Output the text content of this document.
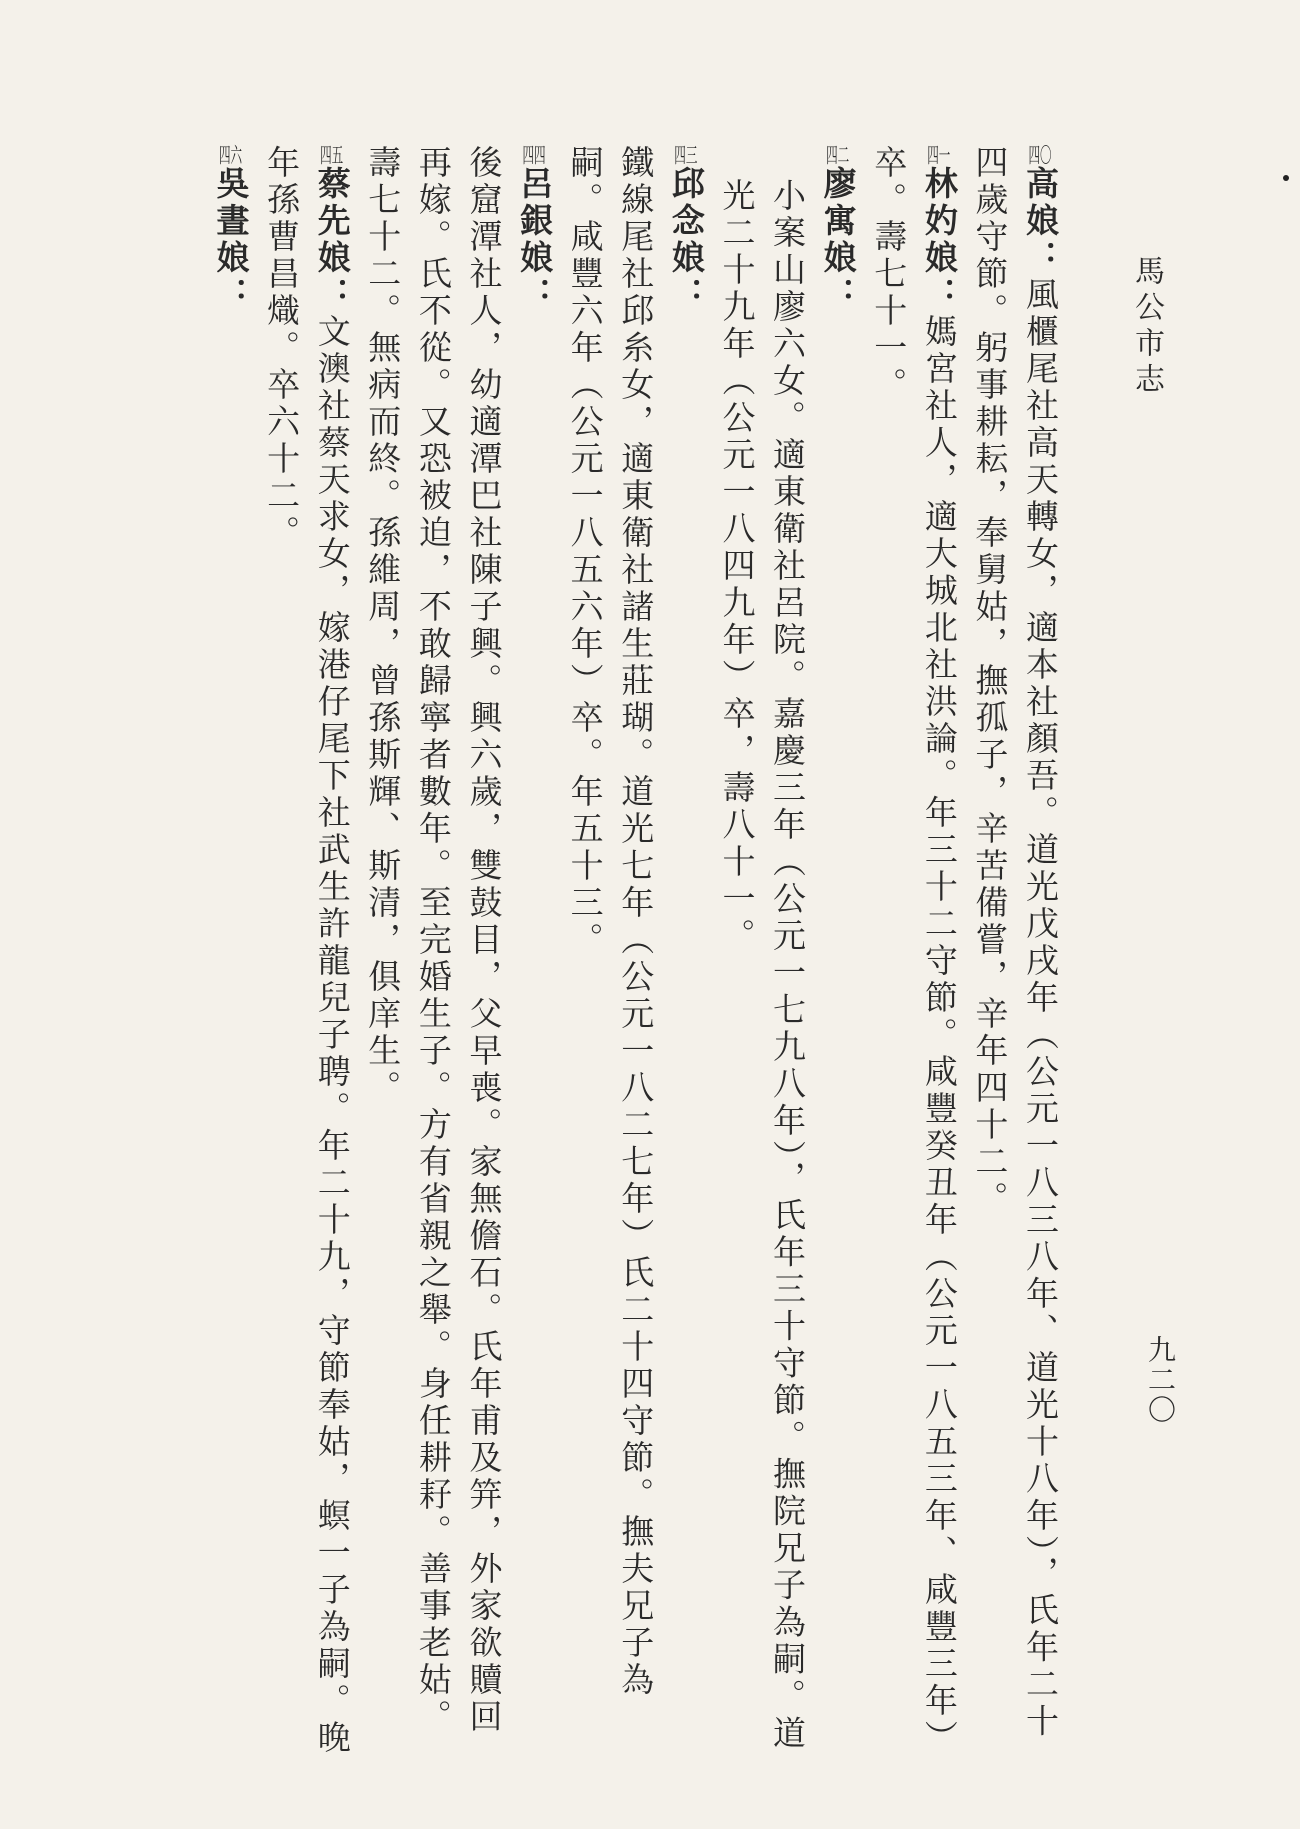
馬公市志
九二〇
四〇高娘：風櫃尾社高天轉女，適本社顏吾。道光戊戌年（公元一八三八年、道光十八年），氏年二十四歲守節。躬事耕耘，奉舅姑，撫孤子，辛苦備嘗，辛年四十二。
四一林妁娘：媽宮社人，適大城北社洪論。年三十二守節。咸豐癸丑年（公元一八五三年、咸豐三年）卒。壽七十一。
四二廖寓娘：
小案山廖六女。適東衛社呂院。嘉慶三年（公元一七九八年），氏年三十守節。撫院兄子為嗣。道光二十九年（公元一八四九年）卒，壽八十一。
四三邱念娘：
鐵線尾社邱糸女，適東衛社諸生莊瑚。道光七年（公元一八二七年）氏二十四守節。撫夫兄子為嗣。咸豐六年（公元一八五六年）卒。年五十三。
四四呂銀娘：
後窟潭社人，幼適潭巴社陳子興。興六歲，雙鼓目，父早喪。家無儋石。氏年甫及笄，外家欲贖回再嫁。氏不從。又恐被迫，不敢歸寧者數年。至完婚生子。方有省親之舉。身任耕耔。善事老姑。壽七十二。無病而終。孫維周，曾孫斯輝、斯清，俱庠生。
四五蔡先娘：文澳社蔡天求女，嫁港仔尾下社武生許龍兒子聘。年二十九，守節奉姑，螟一子為嗣。晚年孫曹昌熾。卒六十二。
四六吳晝娘：
